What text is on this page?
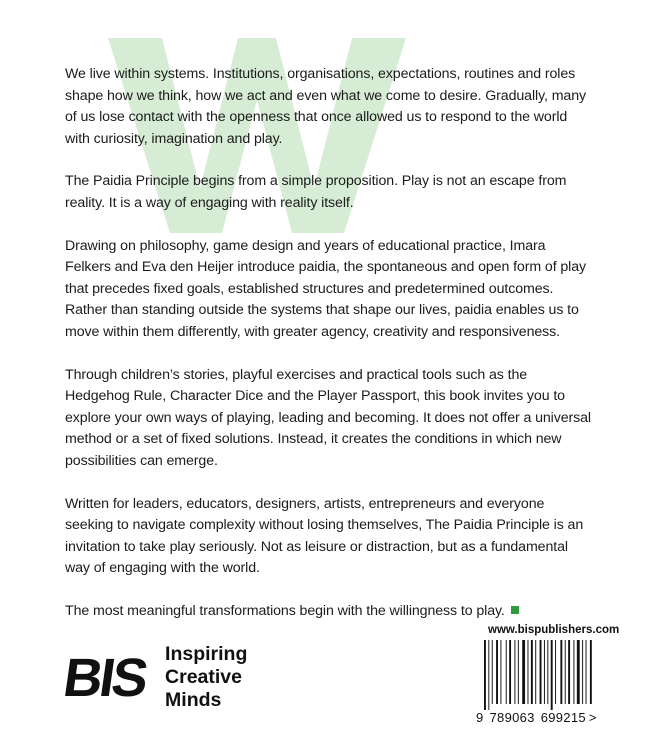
We live within systems. Institutions, organisations, expectations, routines and roles shape how we think, how we act and even what we come to desire. Gradually, many of us lose contact with the openness that once allowed us to respond to the world with curiosity, imagination and play.

The Paidia Principle begins from a simple proposition. Play is not an escape from reality. It is a way of engaging with reality itself.

Drawing on philosophy, game design and years of educational practice, Imara Felkers and Eva den Heijer introduce paidia, the spontaneous and open form of play that precedes fixed goals, established structures and predetermined outcomes. Rather than standing outside the systems that shape our lives, paidia enables us to move within them differently, with greater agency, creativity and responsiveness.

Through children’s stories, playful exercises and practical tools such as the Hedgehog Rule, Character Dice and the Player Passport, this book invites you to explore your own ways of playing, leading and becoming. It does not offer a universal method or a set of fixed solutions. Instead, it creates the conditions in which new possibilities can emerge.

Written for leaders, educators, designers, artists, entrepreneurs and everyone seeking to navigate complexity without losing themselves, The Paidia Principle is an invitation to take play seriously. Not as leisure or distraction, but as a fundamental way of engaging with the world.

The most meaningful transformations begin with the willingness to play.

BIS Inspiring
Creative
Minds
www.bispublishers.com
9 789063 699215 >
